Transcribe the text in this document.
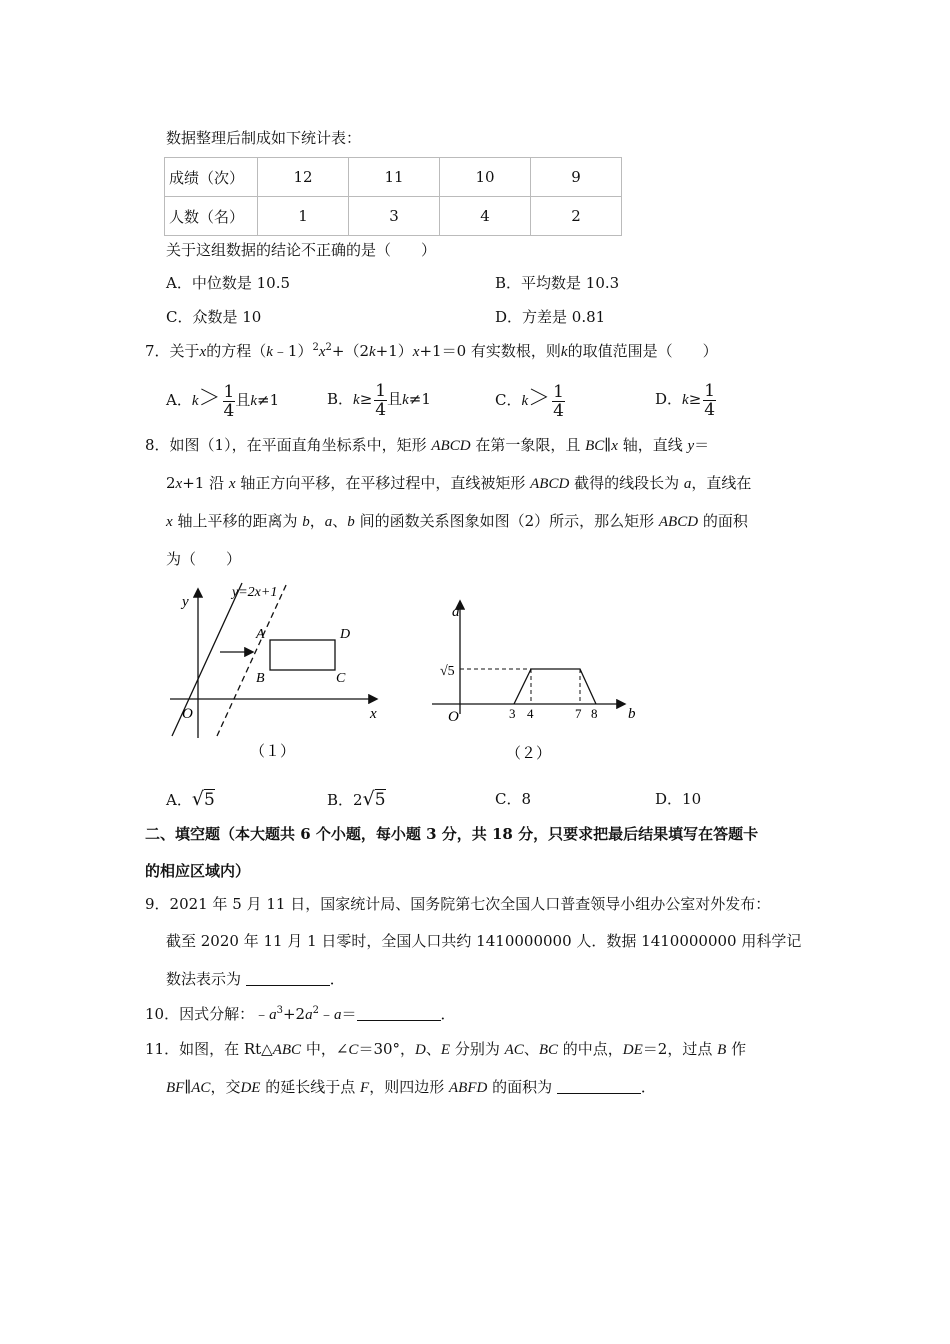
数据整理后制成如下统计表：
成绩（次）	12	11	10	9
人数（名）	1	3	4	2
关于这组数据的结论不正确的是（　　）
A．中位数是 10.5	B．平均数是 10.3
C．众数是 10	D．方差是 0.81
7．关于x的方程$(k﹣1)^2x^2+(2k+1)x+1=0$ 有实数根，则k的取值范围是（　　）
A．$k> \frac{1}{4}$ 且k≠1	B．$k\ge \frac{1}{4}$ 且k≠1	C．$k> \frac{1}{4}$	D．$k\ge \frac{1}{4}$
8．如图（1），在平面直角坐标系中，矩形 ABCD 在第一象限，且 BC∥x 轴，直线 y＝
2x+1 沿 x 轴正方向平移，在平移过程中，直线被矩形 ABCD 截得的线段长为 a，直线在
x 轴上平移的距离为 b，a、b 间的函数关系图象如图（2）所示，那么矩形 ABCD 的面积
为（　　）
y=2x+1
y
x
O
A
B	C
D
（１）
a
b
O
√5
3 4	7 8
（２）
A．√5	B．2√5	C．8	D．10
二、填空题（本大题共 6 个小题，每小题 3 分，共 18 分，只要求把最后结果填写在答题卡
的相应区域内）
9．2021 年 5 月 11 日，国家统计局、国务院第七次全国人口普查领导小组办公室对外发布：
截至 2020 年 11 月 1 日零时，全国人口共约 1410000000 人．数据 1410000000 用科学记
数法表示为	．
10．因式分解：$﹣a^3+2a^2﹣a=$	．
11．如图，在 Rt△ABC 中，∠C＝30°，D、E 分别为 AC、BC 的中点，DE＝2，过点 B 作
BF∥AC，交DE 的延长线于点 F，则四边形 ABFD 的面积为	．
